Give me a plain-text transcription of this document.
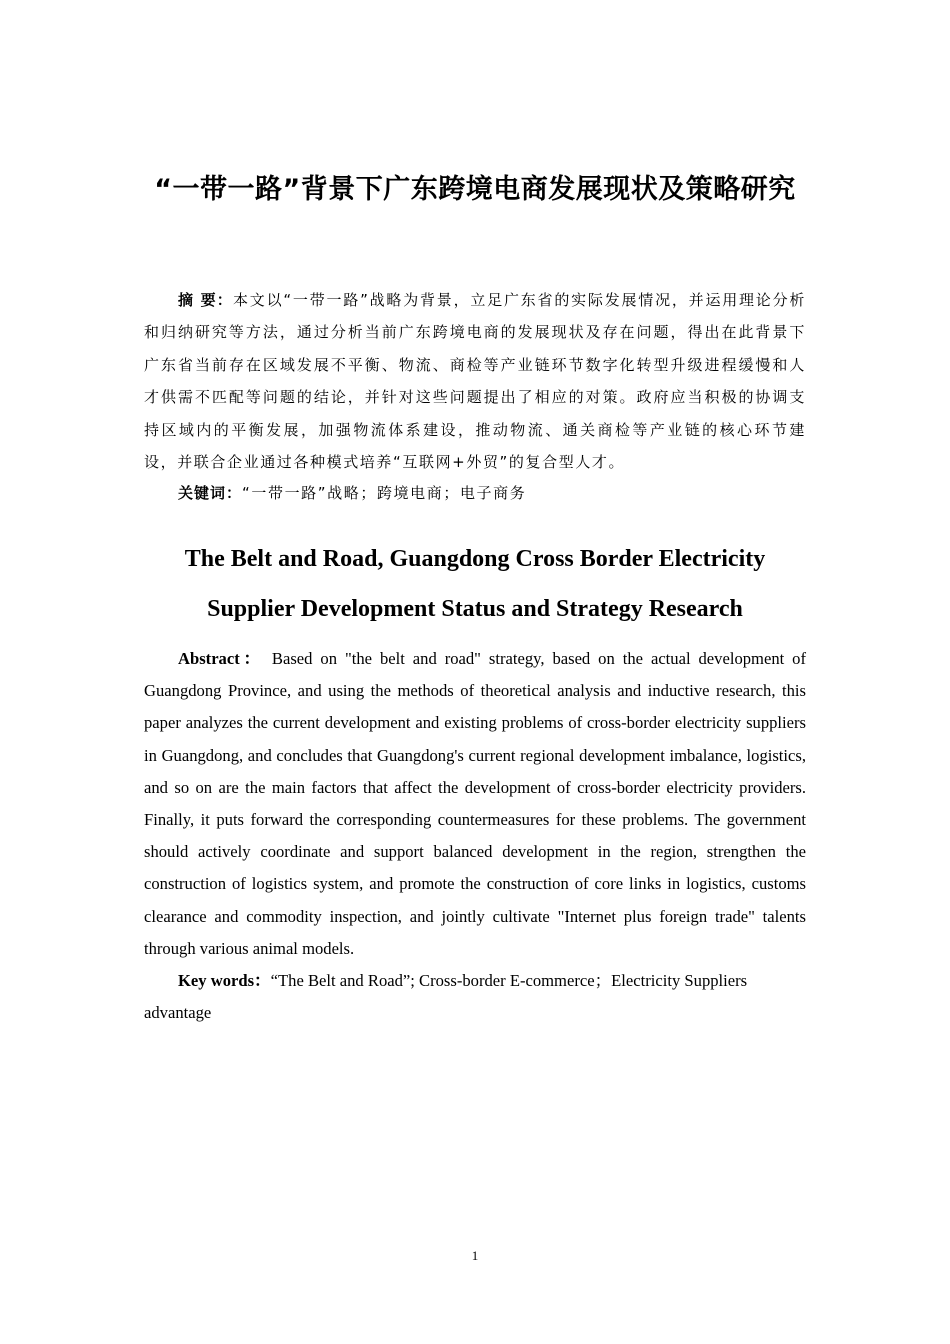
“一带一路”背景下广东跨境电商发展现状及策略研究

摘 要：本文以“一带一路”战略为背景，立足广东省的实际发展情况，并运用理论分析和归纳研究等方法，通过分析当前广东跨境电商的发展现状及存在问题，得出在此背景下广东省当前存在区域发展不平衡、物流、商检等产业链环节数字化转型升级进程缓慢和人才供需不匹配等问题的结论，并针对这些问题提出了相应的对策。政府应当积极的协调支持区域内的平衡发展，加强物流体系建设，推动物流、通关商检等产业链的核心环节建设，并联合企业通过各种模式培养“互联网+外贸”的复合型人才。

关键词：“一带一路”战略；跨境电商；电子商务

The Belt and Road, Guangdong Cross Border Electricity Supplier Development Status and Strategy Research

Abstract： Based on "the belt and road" strategy, based on the actual development of Guangdong Province, and using the methods of theoretical analysis and inductive research, this paper analyzes the current development and existing problems of cross-border electricity suppliers in Guangdong, and concludes that Guangdong's current regional development imbalance, logistics, and so on are the main factors that affect the development of cross-border electricity providers. Finally, it puts forward the corresponding countermeasures for these problems. The government should actively coordinate and support balanced development in the region, strengthen the construction of logistics system, and promote the construction of core links in logistics, customs clearance and commodity inspection, and jointly cultivate "Internet plus foreign trade" talents through various animal models.

Key words：“The Belt and Road”; Cross-border E-commerce；Electricity Suppliers advantage

1
